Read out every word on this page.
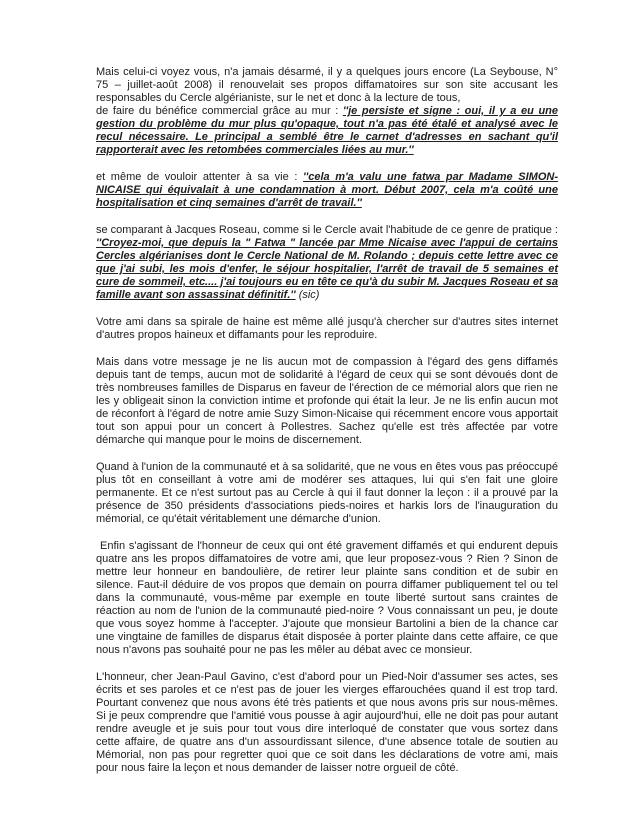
Mais celui-ci voyez vous, n'a jamais désarmé, il y a quelques jours encore (La Seybouse, N° 75 – juillet-août 2008) il renouvelait ses propos diffamatoires sur son site accusant les responsables du Cercle algérianiste, sur le net et donc à la lecture de tous,
de faire du bénéfice commercial grâce au mur : ''je persiste et signe : oui, il y a eu une gestion du problème du mur plus qu'opaque, tout n'a pas été étalé et analysé avec le recul nécessaire. Le principal a semblé être le carnet d'adresses en sachant qu'il rapporterait avec les retombées commerciales liées au mur.''

et même de vouloir attenter à sa vie : ''cela m'a valu une fatwa par Madame SIMON-NICAISE qui équivalait à une condamnation à mort. Début 2007, cela m'a coûté une hospitalisation et cinq semaines d'arrêt de travail.''

se comparant à Jacques Roseau, comme si le Cercle avait l'habitude de ce genre de pratique : ''Croyez-moi, que depuis la " Fatwa " lancée par Mme Nicaise avec l'appui de certains Cercles algérianises dont le Cercle National de M. Rolando ; depuis cette lettre avec ce que j'ai subi, les mois d'enfer, le séjour hospitalier, l'arrêt de travail de 5 semaines et cure de sommeil, etc.... j'ai toujours eu en tête ce qu'à du subir M. Jacques Roseau et sa famille avant son assassinat définitif.'' (sic)

Votre ami dans sa spirale de haine est même allé jusqu'à chercher sur d'autres sites internet d'autres propos haineux et diffamants pour les reproduire.

Mais dans votre message je ne lis aucun mot de compassion à l'égard des gens diffamés depuis tant de temps, aucun mot de solidarité à l'égard de ceux qui se sont dévoués dont de très nombreuses familles de Disparus en faveur de l'érection de ce mémorial alors que rien ne les y obligeait sinon la conviction intime et profonde qui était la leur. Je ne lis enfin aucun mot de réconfort à l'égard de notre amie Suzy Simon-Nicaise qui récemment encore vous apportait tout son appui pour un concert à Pollestres. Sachez qu'elle est très affectée par votre démarche qui manque pour le moins de discernement.

Quand à l'union de la communauté et à sa solidarité, que ne vous en êtes vous pas préoccupé plus tôt en conseillant à votre ami de modérer ses attaques, lui qui s'en fait une gloire permanente. Et ce n'est surtout pas au Cercle à qui il faut donner la leçon : il a prouvé par la présence de 350 présidents d'associations pieds-noires et harkis lors de l'inauguration du mémorial, ce qu'était véritablement une démarche d'union.

Enfin s'agissant de l'honneur de ceux qui ont été gravement diffamés et qui endurent depuis quatre ans les propos diffamatoires de votre ami, que leur proposez-vous ? Rien ? Sinon de mettre leur honneur en bandoulière, de retirer leur plainte sans condition et de subir en silence. Faut-il déduire de vos propos que demain on pourra diffamer publiquement tel ou tel dans la communauté, vous-même par exemple en toute liberté surtout sans craintes de réaction au nom de l'union de la communauté pied-noire ? Vous connaissant un peu, je doute que vous soyez homme à l'accepter. J'ajoute que monsieur Bartolini a bien de la chance car une vingtaine de familles de disparus était disposée à porter plainte dans cette affaire, ce que nous n'avons pas souhaité pour ne pas les mêler au débat avec ce monsieur.

L'honneur, cher Jean-Paul Gavino, c'est d'abord pour un Pied-Noir d'assumer ses actes, ses écrits et ses paroles et ce n'est pas de jouer les vierges effarouchées quand il est trop tard. Pourtant convenez que nous avons été très patients et que nous avons pris sur nous-mêmes. Si je peux comprendre que l'amitié vous pousse à agir aujourd'hui, elle ne doit pas pour autant rendre aveugle et je suis pour tout vous dire interloqué de constater que vous sortez dans cette affaire, de quatre ans d'un assourdissant silence, d'une absence totale de soutien au Mémorial, non pas pour regretter quoi que ce soit dans les déclarations de votre ami, mais pour nous faire la leçon et nous demander de laisser notre orgueil de côté.
